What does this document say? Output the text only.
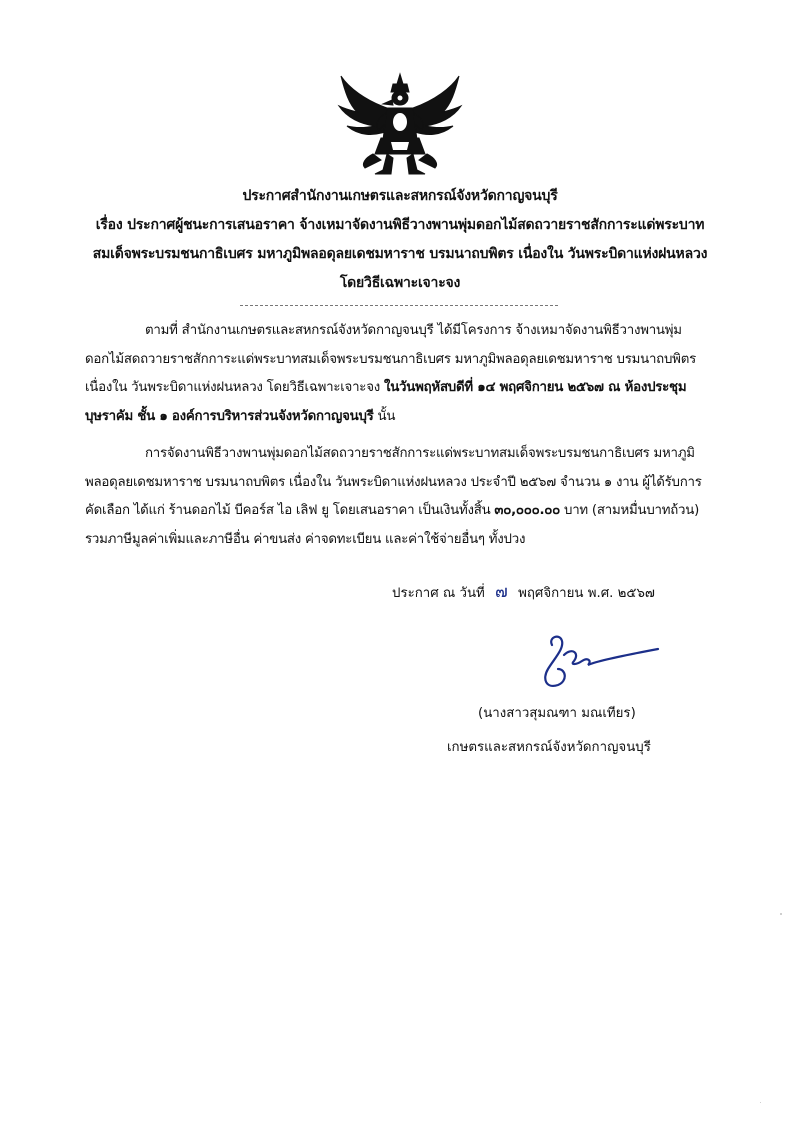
ประกาศสำนักงานเกษตรและสหกรณ์จังหวัดกาญจนบุรี
เรื่อง ประกาศผู้ชนะการเสนอราคา จ้างเหมาจัดงานพิธีวางพานพุ่มดอกไม้สดถวายราชสักการะแด่พระบาท
สมเด็จพระบรมชนกาธิเบศร มหาภูมิพลอดุลยเดชมหาราช บรมนาถบพิตร เนื่องใน วันพระบิดาแห่งฝนหลวง
โดยวิธีเฉพาะเจาะจง
ตามที่ สำนักงานเกษตรและสหกรณ์จังหวัดกาญจนบุรี ได้มีโครงการ จ้างเหมาจัดงานพิธีวางพานพุ่ม
ดอกไม้สดถวายราชสักการะแด่พระบาทสมเด็จพระบรมชนกาธิเบศร มหาภูมิพลอดุลยเดชมหาราช บรมนาถบพิตร
เนื่องใน วันพระบิดาแห่งฝนหลวง โดยวิธีเฉพาะเจาะจง ในวันพฤหัสบดีที่ ๑๔ พฤศจิกายน ๒๕๖๗ ณ ห้องประชุม
บุษราคัม ชั้น ๑ องค์การบริหารส่วนจังหวัดกาญจนบุรี นั้น
การจัดงานพิธีวางพานพุ่มดอกไม้สดถวายราชสักการะแด่พระบาทสมเด็จพระบรมชนกาธิเบศร มหาภูมิ
พลอดุลยเดชมหาราช บรมนาถบพิตร เนื่องใน วันพระบิดาแห่งฝนหลวง ประจำปี ๒๕๖๗ จำนวน ๑ งาน ผู้ได้รับการ
คัดเลือก ได้แก่ ร้านดอกไม้ บีคอร์ส ไอ เลิฟ ยู โดยเสนอราคา เป็นเงินทั้งสิ้น ๓๐,๐๐๐.๐๐ บาท (สามหมื่นบาทถ้วน)
รวมภาษีมูลค่าเพิ่มและภาษีอื่น ค่าขนส่ง ค่าจดทะเบียน และค่าใช้จ่ายอื่นๆ ทั้งปวง
ประกาศ ณ วันที่ ๗ พฤศจิกายน พ.ศ. ๒๕๖๗
(นางสาวสุมณฑา มณเทียร)
เกษตรและสหกรณ์จังหวัดกาญจนบุรี
